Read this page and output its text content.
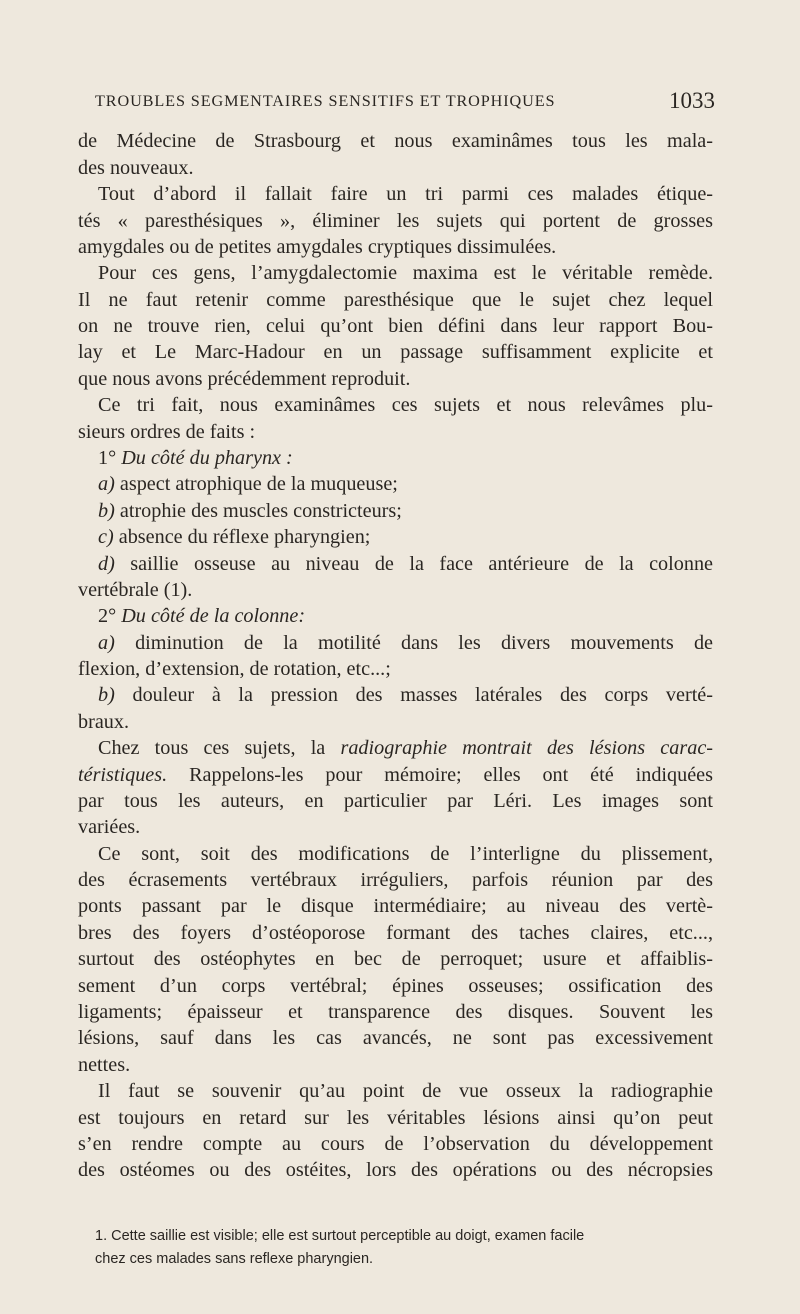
TROUBLES SEGMENTAIRES SENSITIFS ET TROPHIQUES	1033
de Médecine de Strasbourg et nous examinâmes tous les mala-
des nouveaux.
Tout d’abord il fallait faire un tri parmi ces malades étique-
tés « paresthésiques », éliminer les sujets qui portent de grosses
amygdales ou de petites amygdales cryptiques dissimulées.
Pour ces gens, l’amygdalectomie maxima est le véritable remède.
Il ne faut retenir comme paresthésique que le sujet chez lequel
on ne trouve rien, celui qu’ont bien défini dans leur rapport Bou-
lay et Le Marc-Hadour en un passage suffisamment explicite et
que nous avons précédemment reproduit.
Ce tri fait, nous examinâmes ces sujets et nous relevâmes plu-
sieurs ordres de faits :
1° Du côté du pharynx :
a) aspect atrophique de la muqueuse;
b) atrophie des muscles constricteurs;
c) absence du réflexe pharyngien;
d) saillie osseuse au niveau de la face antérieure de la colonne
vertébrale (1).
2° Du côté de la colonne:
a) diminution de la motilité dans les divers mouvements de
flexion, d’extension, de rotation, etc...;
b) douleur à la pression des masses latérales des corps verté-
braux.
Chez tous ces sujets, la radiographie montrait des lésions carac-
téristiques. Rappelons-les pour mémoire; elles ont été indiquées
par tous les auteurs, en particulier par Léri. Les images sont
variées.
Ce sont, soit des modifications de l’interligne du plissement,
des écrasements vertébraux irréguliers, parfois réunion par des
ponts passant par le disque intermédiaire; au niveau des vertè-
bres des foyers d’ostéoporose formant des taches claires, etc...,
surtout des ostéophytes en bec de perroquet; usure et affaiblis-
sement d’un corps vertébral; épines osseuses; ossification des
ligaments; épaisseur et transparence des disques. Souvent les
lésions, sauf dans les cas avancés, ne sont pas excessivement
nettes.
Il faut se souvenir qu’au point de vue osseux la radiographie
est toujours en retard sur les véritables lésions ainsi qu’on peut
s’en rendre compte au cours de l’observation du développement
des ostéomes ou des ostéites, lors des opérations ou des nécropsies
1. Cette saillie est visible; elle est surtout perceptible au doigt, examen facile
chez ces malades sans reflexe pharyngien.
